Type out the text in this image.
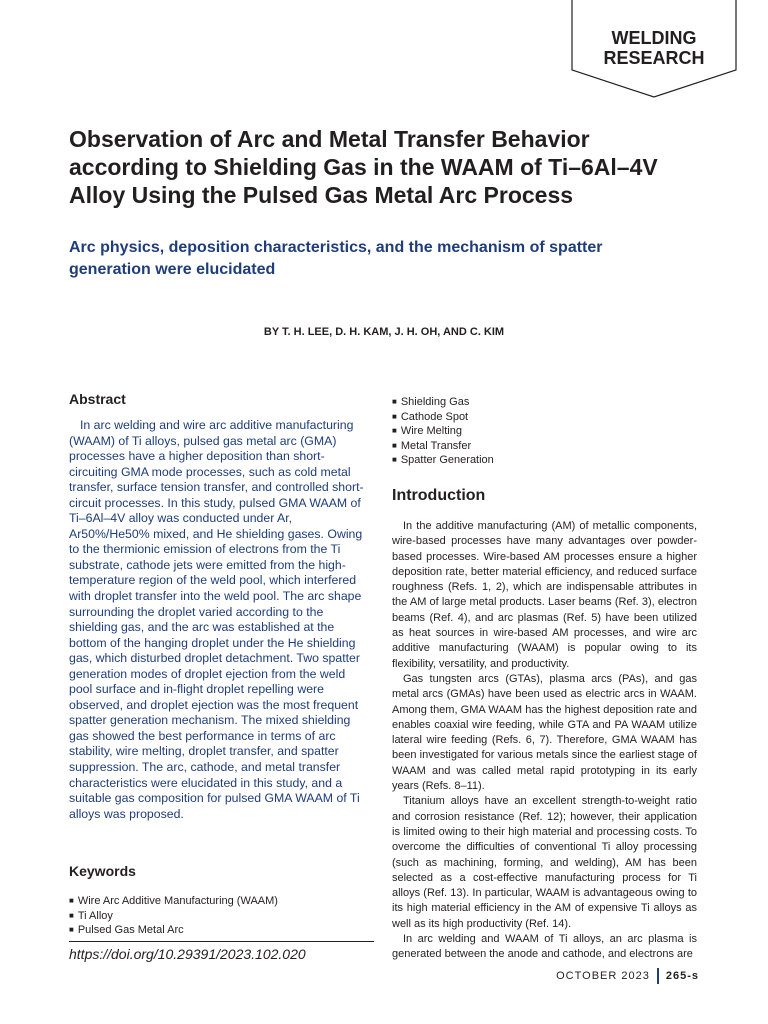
WELDING
RESEARCH
Observation of Arc and Metal Transfer Behavior according to Shielding Gas in the WAAM of Ti–6Al–4V Alloy Using the Pulsed Gas Metal Arc Process
Arc physics, deposition characteristics, and the mechanism of spatter generation were elucidated
BY T. H. LEE, D. H. KAM, J. H. OH, AND C. KIM
Abstract

In arc welding and wire arc additive manufacturing (WAAM) of Ti alloys, pulsed gas metal arc (GMA) processes have a higher deposition than short-circuiting GMA mode processes, such as cold metal transfer, surface tension transfer, and controlled short-circuit processes. In this study, pulsed GMA WAAM of Ti–6Al–4V alloy was conducted under Ar, Ar50%/He50% mixed, and He shielding gases. Owing to the thermionic emission of electrons from the Ti substrate, cathode jets were emitted from the high-temperature region of the weld pool, which interfered with droplet transfer into the weld pool. The arc shape surrounding the droplet varied according to the shielding gas, and the arc was established at the bottom of the hanging droplet under the He shielding gas, which disturbed droplet detachment. Two spatter generation modes of droplet ejection from the weld pool surface and in-flight droplet repelling were observed, and droplet ejection was the most frequent spatter generation mechanism. The mixed shielding gas showed the best performance in terms of arc stability, wire melting, droplet transfer, and spatter suppression. The arc, cathode, and metal transfer characteristics were elucidated in this study, and a suitable gas composition for pulsed GMA WAAM of Ti alloys was proposed.

Keywords
■ Wire Arc Additive Manufacturing (WAAM)
■ Ti Alloy
■ Pulsed Gas Metal Arc
■ Shielding Gas
■ Cathode Spot
■ Wire Melting
■ Metal Transfer
■ Spatter Generation
https://doi.org/10.29391/2023.102.020
Introduction

In the additive manufacturing (AM) of metallic components, wire-based processes have many advantages over powder-based processes. Wire-based AM processes ensure a higher deposition rate, better material efficiency, and reduced surface roughness (Refs. 1, 2), which are indispensable attributes in the AM of large metal products. Laser beams (Ref. 3), electron beams (Ref. 4), and arc plasmas (Ref. 5) have been utilized as heat sources in wire-based AM processes, and wire arc additive manufacturing (WAAM) is popular owing to its flexibility, versatility, and productivity.

Gas tungsten arcs (GTAs), plasma arcs (PAs), and gas metal arcs (GMAs) have been used as electric arcs in WAAM. Among them, GMA WAAM has the highest deposition rate and enables coaxial wire feeding, while GTA and PA WAAM utilize lateral wire feeding (Refs. 6, 7). Therefore, GMA WAAM has been investigated for various metals since the earliest stage of WAAM and was called metal rapid prototyping in its early years (Refs. 8–11).

Titanium alloys have an excellent strength-to-weight ratio and corrosion resistance (Ref. 12); however, their application is limited owing to their high material and processing costs. To overcome the difficulties of conventional Ti alloy processing (such as machining, forming, and welding), AM has been selected as a cost-effective manufacturing process for Ti alloys (Ref. 13). In particular, WAAM is advantageous owing to its high material efficiency in the AM of expensive Ti alloys as well as its high productivity (Ref. 14).

In arc welding and WAAM of Ti alloys, an arc plasma is generated between the anode and cathode, and electrons are

OCTOBER 2023 265-s
